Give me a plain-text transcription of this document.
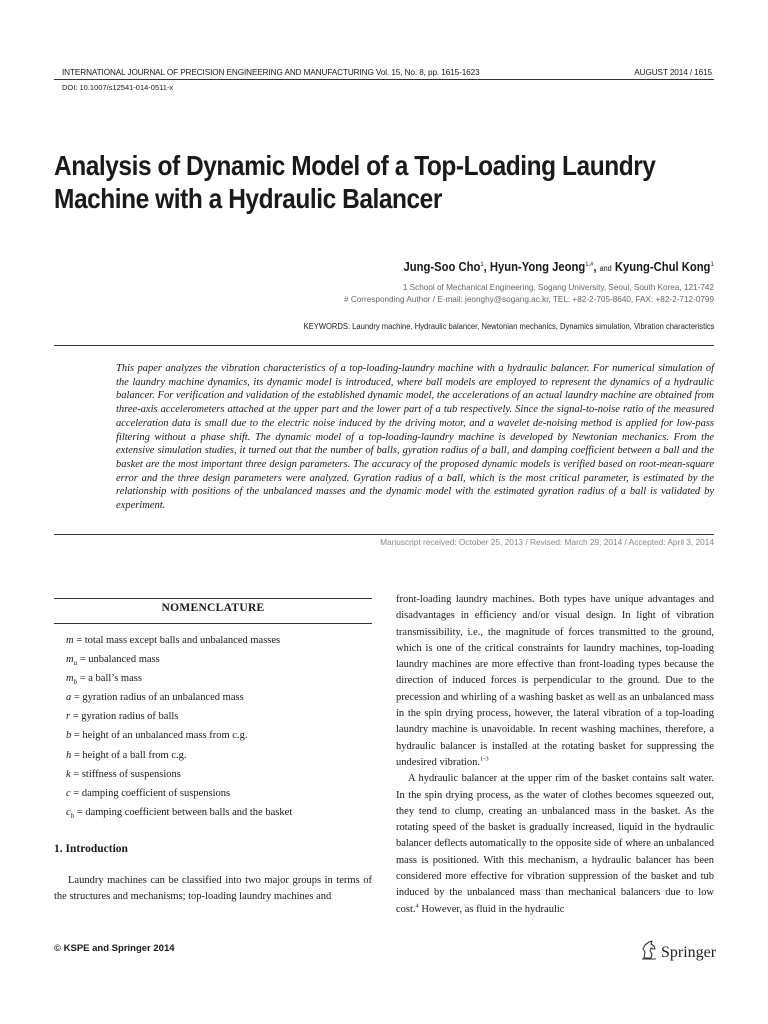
INTERNATIONAL JOURNAL OF PRECISION ENGINEERING AND MANUFACTURING Vol. 15, No. 8, pp. 1615-1623	AUGUST 2014 / 1615
DOI: 10.1007/s12541-014-0511-x
Analysis of Dynamic Model of a Top-Loading Laundry
Machine with a Hydraulic Balancer
Jung-Soo Cho$^1$, Hyun-Yong Jeong$^{1,\#}$, and Kyung-Chul Kong$^1$
1 School of Mechanical Engineering, Sogang University, Seoul, South Korea, 121-742
# Corresponding Author / E-mail: jeonghy@sogang.ac.kr, TEL: +82-2-705-8640, FAX: +82-2-712-0799
KEYWORDS: Laundry machine, Hydraulic balancer, Newtonian mechanics, Dynamics simulation, Vibration characteristics
This paper analyzes the vibration characteristics of a top-loading-laundry machine with a hydraulic balancer. For numerical simulation of the laundry machine dynamics, its dynamic model is introduced, where ball models are employed to represent the dynamics of a hydraulic balancer. For verification and validation of the established dynamic model, the accelerations of an actual laundry machine are obtained from three-axis accelerometers attached at the upper part and the lower part of a tub respectively. Since the signal-to-noise ratio of the measured acceleration data is small due to the electric noise induced by the driving motor, and a wavelet de-noising method is applied for low-pass filtering without a phase shift. The dynamic model of a top-loading-laundry machine is developed by Newtonian mechanics. From the extensive simulation studies, it turned out that the number of balls, gyration radius of a ball, and damping coefficient between a ball and the basket are the most important three design parameters. The accuracy of the proposed dynamic models is verified based on root-mean-square error and the three design parameters were analyzed. Gyration radius of a ball, which is the most critical parameter, is estimated by the relationship with positions of the unbalanced masses and the dynamic model with the estimated gyration radius of a ball is validated by experiment.
Manuscript received: October 25, 2013 / Revised: March 29, 2014 / Accepted: April 3, 2014
NOMENCLATURE
m = total mass except balls and unbalanced masses
$m_u$ = unbalanced mass
$m_b = a$ ball’s mass
a = gyration radius of an unbalanced mass
r = gyration radius of balls
b = height of an unbalanced mass from c.g.
h = height of a ball from c.g.
k = stiffness of suspensions
c = damping coefficient of suspensions
$c_b$ = damping coefficient between balls and the basket
1. Introduction
Laundry machines can be classified into two major groups in terms of the structures and mechanisms; top-loading laundry machines and

front-loading laundry machines. Both types have unique advantages and disadvantages in efficiency and/or visual design. In light of vibration transmissibility, i.e., the magnitude of forces transmitted to the ground, which is one of the critical constraints for laundry machines, top-loading laundry machines are more effective than front-loading types because the direction of induced forces is perpendicular to the ground. Due to the precession and whirling of a washing basket as well as an unbalanced mass in the spin drying process, however, the lateral vibration of a top-loading laundry machine is unavoidable. In recent washing machines, therefore, a hydraulic balancer is installed at the rotating basket for suppressing the undesired vibration.$^{1-3}$

A hydraulic balancer at the upper rim of the basket contains salt water. In the spin drying process, as the water of clothes becomes squeezed out, they tend to clump, creating an unbalanced mass in the basket. As the rotating speed of the basket is gradually increased, liquid in the hydraulic balancer deflects automatically to the opposite side of where an unbalanced mass is positioned. With this mechanism, a hydraulic balancer has been considered more effective for vibration suppression of the basket and tub induced by the unbalanced mass than mechanical balancers due to low cost.$^4$ However, as fluid in the hydraulic

© KSPE and Springer 2014	Springer
